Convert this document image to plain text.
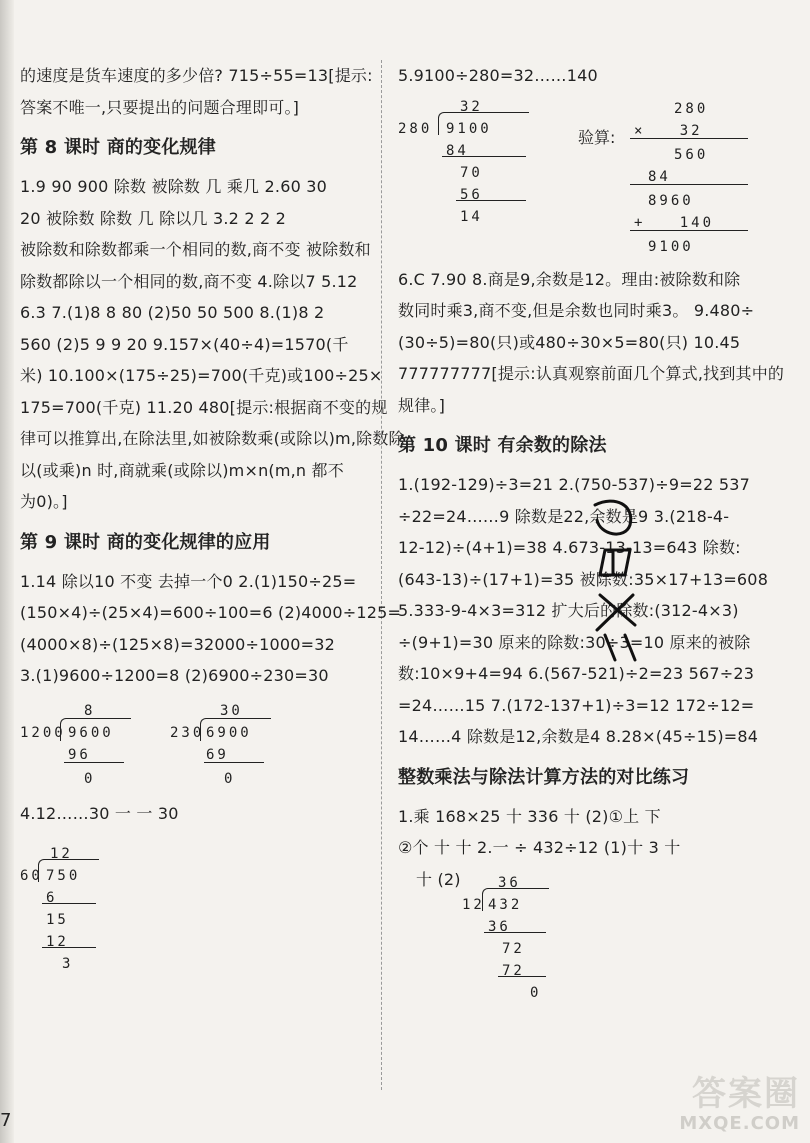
的速度是货车速度的多少倍? 715÷55=13[提示:
答案不唯一,只要提出的问题合理即可。]
第 8 课时 商的变化规律
1.9 90 900 除数 被除数 几 乘几 2.60 30
20 被除数 除数 几 除以几 3.2 2 2 2
被除数和除数都乘一个相同的数,商不变 被除数和
除数都除以一个相同的数,商不变 4.除以7 5.12
6.3 7.(1)8 8 80 (2)50 50 500 8.(1)8 2
560 (2)5 9 9 20 9.157×(40÷4)=1570(千
米) 10.100×(175÷25)=700(千克)或100÷25×
175=700(千克) 11.20 480[提示:根据商不变的规
律可以推算出,在除法里,如被除数乘(或除以)m,除数除
以(或乘)n 时,商就乘(或除以)m×n(m,n 都不
为0)。]
第 9 课时 商的变化规律的应用
1.14 除以10 不变 去掉一个0 2.(1)150÷25=
(150×4)÷(25×4)=600÷100=6 (2)4000÷125=
(4000×8)÷(125×8)=32000÷1000=32
3.(1)9600÷1200=8 (2)6900÷230=30
8
1200 9600
96
0
30
230 6900
69
0
4.12……30 一 一 30
12
60 750
6
15
12
3
7
5.9100÷280=32……140
32
280 9100
84
70
56
14
验算:
280
×   32
560
84
8960
+   140
9100
6.C 7.90 8.商是9,余数是12。理由:被除数和除
数同时乘3,商不变,但是余数也同时乘3。 9.480÷
(30÷5)=80(只)或480÷30×5=80(只) 10.45
777777777[提示:认真观察前面几个算式,找到其中的
规律。]
第 10 课时 有余数的除法
1.(192-129)÷3=21 2.(750-537)÷9=22 537
÷22=24……9 除数是22,余数是9 3.(218-4-
12-12)÷(4+1)=38 4.673-13-13=643 除数:
(643-13)÷(17+1)=35 被除数:35×17+13=608
5.333-9-4×3=312 扩大后的除数:(312-4×3)
÷(9+1)=30 原来的除数:30÷3=10 原来的被除
数:10×9+4=94 6.(567-521)÷2=23 567÷23
=24……15 7.(172-137+1)÷3=12 172÷12=
14……4 除数是12,余数是4 8.28×(45÷15)=84
整数乘法与除法计算方法的对比练习
1.乘 168×25 十 336 十 (2)①上 下
②个 十 十 2.一 ÷ 432÷12 (1)十 3 十
十 (2)	36
12 432
36
72
72
0
答案圈
MXQE.COM
